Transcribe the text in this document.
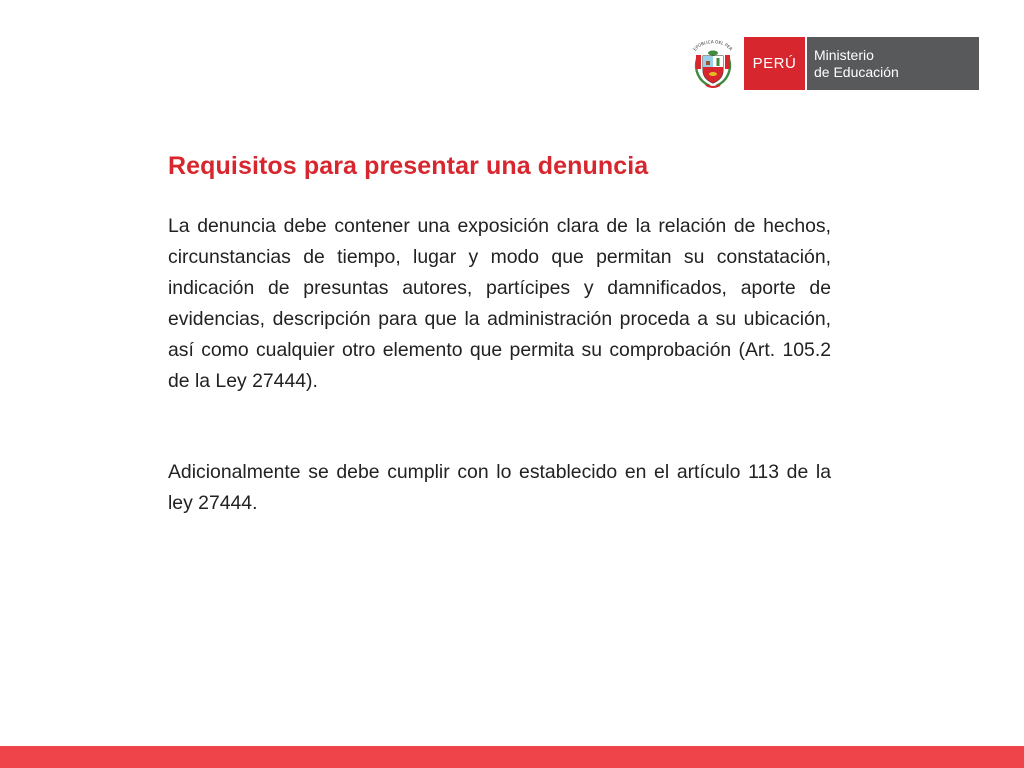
EPÚBLICA DEL PER
PERÚ
Ministerio
de Educación
Requisitos para presentar una denuncia

La denuncia debe contener una exposición clara de la relación de hechos, circunstancias de tiempo, lugar y modo que permitan su constatación, indicación de presuntas autores, partícipes y damnificados, aporte de evidencias, descripción para que la administración proceda a su ubicación, así como cualquier otro elemento que permita su comprobación (Art. 105.2 de la Ley 27444).

Adicionalmente se debe cumplir con lo establecido en el artículo 113 de la ley 27444.
